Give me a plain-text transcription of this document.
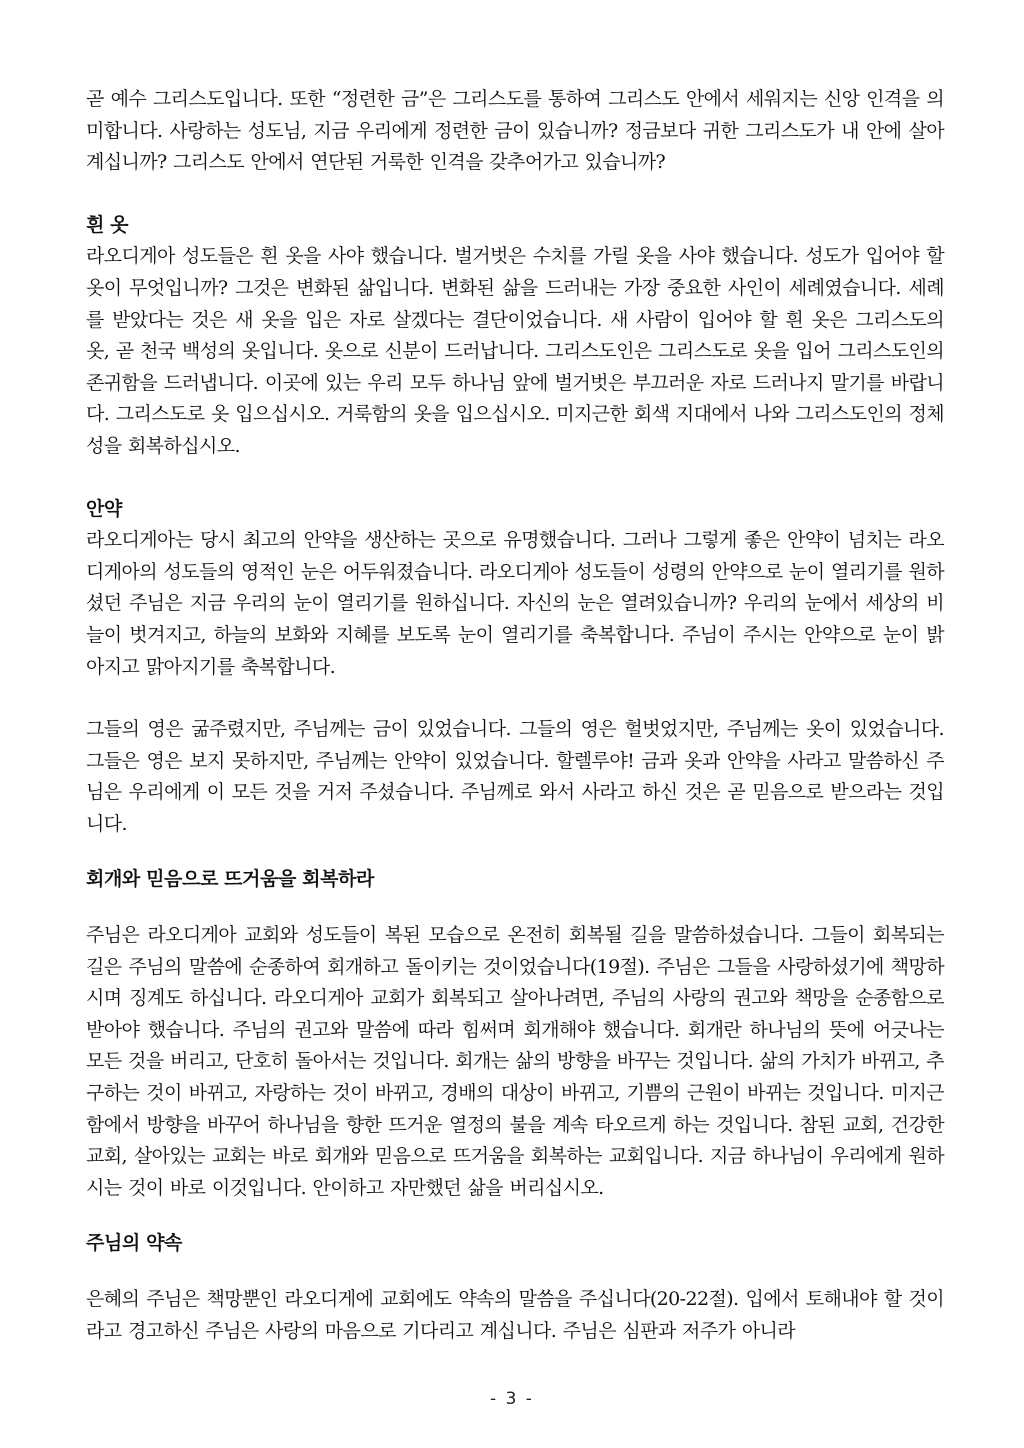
곧 예수 그리스도입니다. 또한 “정련한 금”은 그리스도를 통하여 그리스도 안에서 세워지는 신앙 인격을 의미합니다. 사랑하는 성도님, 지금 우리에게 정련한 금이 있습니까? 정금보다 귀한 그리스도가 내 안에 살아 계십니까? 그리스도 안에서 연단된 거룩한 인격을 갖추어가고 있습니까?

흰 옷

라오디게아 성도들은 흰 옷을 사야 했습니다. 벌거벗은 수치를 가릴 옷을 사야 했습니다. 성도가 입어야 할 옷이 무엇입니까? 그것은 변화된 삶입니다. 변화된 삶을 드러내는 가장 중요한 사인이 세례였습니다. 세례를 받았다는 것은 새 옷을 입은 자로 살겠다는 결단이었습니다. 새 사람이 입어야 할 흰 옷은 그리스도의 옷, 곧 천국 백성의 옷입니다. 옷으로 신분이 드러납니다. 그리스도인은 그리스도로 옷을 입어 그리스도인의 존귀함을 드러냅니다. 이곳에 있는 우리 모두 하나님 앞에 벌거벗은 부끄러운 자로 드러나지 말기를 바랍니다. 그리스도로 옷 입으십시오. 거룩함의 옷을 입으십시오. 미지근한 회색 지대에서 나와 그리스도인의 정체성을 회복하십시오.

안약

라오디게아는 당시 최고의 안약을 생산하는 곳으로 유명했습니다. 그러나 그렇게 좋은 안약이 넘치는 라오디게아의 성도들의 영적인 눈은 어두워졌습니다. 라오디게아 성도들이 성령의 안약으로 눈이 열리기를 원하셨던 주님은 지금 우리의 눈이 열리기를 원하십니다. 자신의 눈은 열려있습니까? 우리의 눈에서 세상의 비늘이 벗겨지고, 하늘의 보화와 지혜를 보도록 눈이 열리기를 축복합니다. 주님이 주시는 안약으로 눈이 밝아지고 맑아지기를 축복합니다.

그들의 영은 굶주렸지만, 주님께는 금이 있었습니다. 그들의 영은 헐벗었지만, 주님께는 옷이 있었습니다. 그들은 영은 보지 못하지만, 주님께는 안약이 있었습니다. 할렐루야! 금과 옷과 안약을 사라고 말씀하신 주님은 우리에게 이 모든 것을 거저 주셨습니다. 주님께로 와서 사라고 하신 것은 곧 믿음으로 받으라는 것입니다.

회개와 믿음으로 뜨거움을 회복하라

주님은 라오디게아 교회와 성도들이 복된 모습으로 온전히 회복될 길을 말씀하셨습니다. 그들이 회복되는 길은 주님의 말씀에 순종하여 회개하고 돌이키는 것이었습니다(19절). 주님은 그들을 사랑하셨기에 책망하시며 징계도 하십니다. 라오디게아 교회가 회복되고 살아나려면, 주님의 사랑의 권고와 책망을 순종함으로 받아야 했습니다. 주님의 권고와 말씀에 따라 힘써며 회개해야 했습니다. 회개란 하나님의 뜻에 어긋나는 모든 것을 버리고, 단호히 돌아서는 것입니다. 회개는 삶의 방향을 바꾸는 것입니다. 삶의 가치가 바뀌고, 추구하는 것이 바뀌고, 자랑하는 것이 바뀌고, 경배의 대상이 바뀌고, 기쁨의 근원이 바뀌는 것입니다. 미지근함에서 방향을 바꾸어 하나님을 향한 뜨거운 열정의 불을 계속 타오르게 하는 것입니다. 참된 교회, 건강한 교회, 살아있는 교회는 바로 회개와 믿음으로 뜨거움을 회복하는 교회입니다. 지금 하나님이 우리에게 원하시는 것이 바로 이것입니다. 안이하고 자만했던 삶을 버리십시오.

주님의 약속

은혜의 주님은 책망뿐인 라오디게에 교회에도 약속의 말씀을 주십니다(20-22절). 입에서 토해내야 할 것이라고 경고하신 주님은 사랑의 마음으로 기다리고 계십니다. 주님은 심판과 저주가 아니라

- 3 -
